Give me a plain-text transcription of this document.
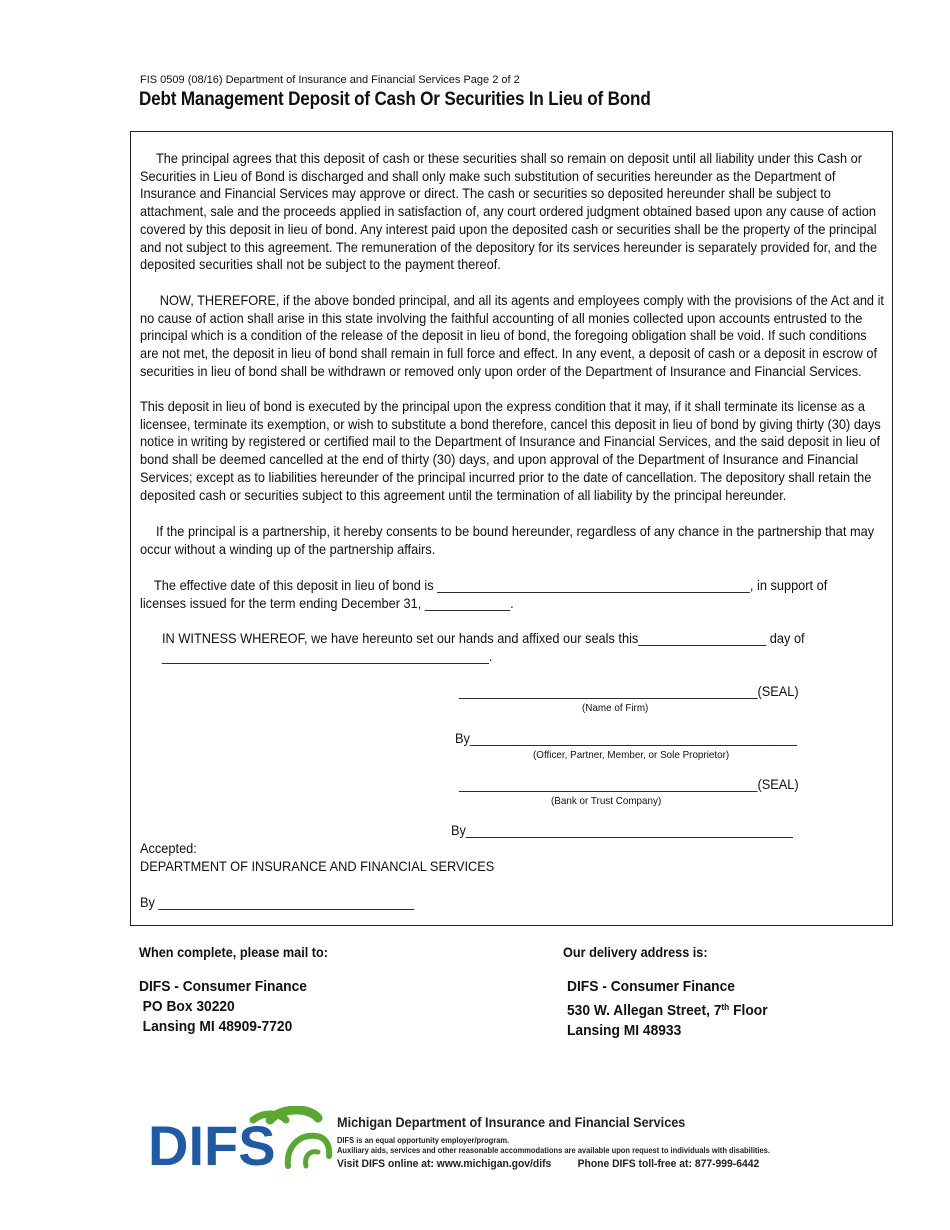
FIS 0509 (08/16) Department of Insurance and Financial Services Page 2 of 2
Debt Management Deposit of Cash Or Securities In Lieu of Bond

The principal agrees that this deposit of cash or these securities shall so remain on deposit until all liability under this Cash or Securities in Lieu of Bond is discharged and shall only make such substitution of securities hereunder as the Department of Insurance and Financial Services may approve or direct. The cash or securities so deposited hereunder shall be subject to attachment, sale and the proceeds applied in satisfaction of, any court ordered judgment obtained based upon any cause of action covered by this deposit in lieu of bond. Any interest paid upon the deposited cash or securities shall be the property of the principal and not subject to this agreement. The remuneration of the depository for its services hereunder is separately provided for, and the deposited securities shall not be subject to the payment thereof.

NOW, THEREFORE, if the above bonded principal, and all its agents and employees comply with the provisions of the Act and it no cause of action shall arise in this state involving the faithful accounting of all monies collected upon accounts entrusted to the principal which is a condition of the release of the deposit in lieu of bond, the foregoing obligation shall be void. If such conditions are not met, the deposit in lieu of bond shall remain in full force and effect. In any event, a deposit of cash or a deposit in escrow of securities in lieu of bond shall be withdrawn or removed only upon order of the Department of Insurance and Financial Services.

This deposit in lieu of bond is executed by the principal upon the express condition that it may, if it shall terminate its license as a licensee, terminate its exemption, or wish to substitute a bond therefore, cancel this deposit in lieu of bond by giving thirty (30) days notice in writing by registered or certified mail to the Department of Insurance and Financial Services, and the said deposit in lieu of bond shall be deemed cancelled at the end of thirty (30) days, and upon approval of the Department of Insurance and Financial Services; except as to liabilities hereunder of the principal incurred prior to the date of cancellation. The depository shall retain the deposited cash or securities subject to this agreement until the termination of all liability by the principal hereunder.

If the principal is a partnership, it hereby consents to be bound hereunder, regardless of any chance in the partnership that may occur without a winding up of the partnership affairs.

The effective date of this deposit in lieu of bond is ____________________________________________, in support of
licenses issued for the term ending December 31, ____________.
IN WITNESS WHEREOF, we have hereunto set our hands and affixed our seals this__________________ day of
______________________________________________.
__________________________________________(SEAL)
(Name of Firm)
By______________________________________________
(Officer, Partner, Member, or Sole Proprietor)
__________________________________________(SEAL)
(Bank or Trust Company)
By______________________________________________
Accepted:
DEPARTMENT OF INSURANCE AND FINANCIAL SERVICES
By ____________________________________
When complete, please mail to:
DIFS - Consumer Finance
PO Box 30220
Lansing MI 48909-7720
Our delivery address is:
DIFS - Consumer Finance
530 W. Allegan Street, 7th Floor
Lansing MI 48933
DIFS	Michigan Department of Insurance and Financial Services
DIFS is an equal opportunity employer/program.
Auxiliary aids, services and other reasonable accommodations are available upon request to individuals with disabilities.
Visit DIFS online at: www.michigan.gov/difs Phone DIFS toll-free at: 877-999-6442
